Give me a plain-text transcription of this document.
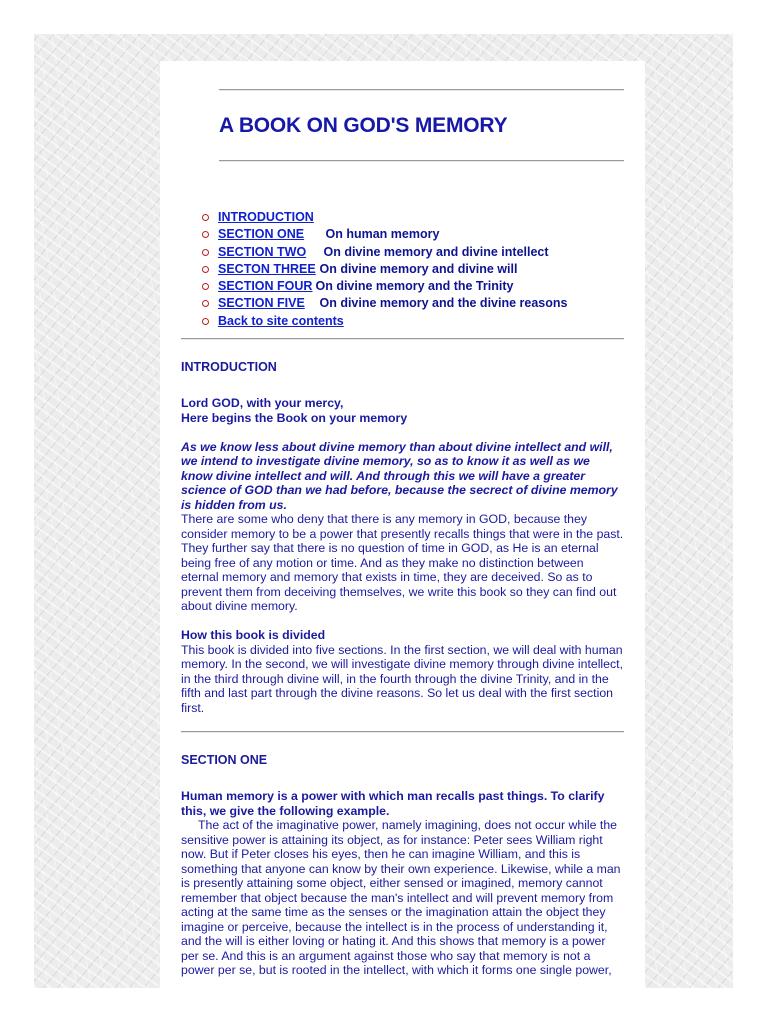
A BOOK ON GOD'S MEMORY
INTRODUCTION
SECTION ONE On human memory
SECTION TWO On divine memory and divine intellect
SECTON THREE On divine memory and divine will
SECTION FOUR On divine memory and the Trinity
SECTION FIVE On divine memory and the divine reasons
Back to site contents

INTRODUCTION

Lord GOD, with your mercy,

Here begins the Book on your memory

As we know less about divine memory than about divine intellect and will, we intend to investigate divine memory, so as to know it as well as we know divine intellect and will. And through this we will have a greater science of GOD than we had before, because the secrect of divine memory is hidden from us.

There are some who deny that there is any memory in GOD, because they consider memory to be a power that presently recalls things that were in the past. They further say that there is no question of time in GOD, as He is an eternal being free of any motion or time. And as they make no distinction between eternal memory and memory that exists in time, they are deceived. So as to prevent them from deceiving themselves, we write this book so they can find out about divine memory.

How this book is divided

This book is divided into five sections. In the first section, we will deal with human memory. In the second, we will investigate divine memory through divine intellect, in the third through divine will, in the fourth through the divine Trinity, and in the fifth and last part through the divine reasons. So let us deal with the first section first.

SECTION ONE

Human memory is a power with which man recalls past things. To clarify this, we give the following example.

The act of the imaginative power, namely imagining, does not occur while the sensitive power is attaining its object, as for instance: Peter sees William right now. But if Peter closes his eyes, then he can imagine William, and this is something that anyone can know by their own experience. Likewise, while a man is presently attaining some object, either sensed or imagined, memory cannot remember that object because the man's intellect and will prevent memory from acting at the same time as the senses or the imagination attain the object they imagine or perceive, because the intellect is in the process of understanding it, and the will is either loving or hating it. And this shows that memory is a power per se. And this is an argument against those who say that memory is not a power per se, but is rooted in the intellect, with which it forms one single power,
